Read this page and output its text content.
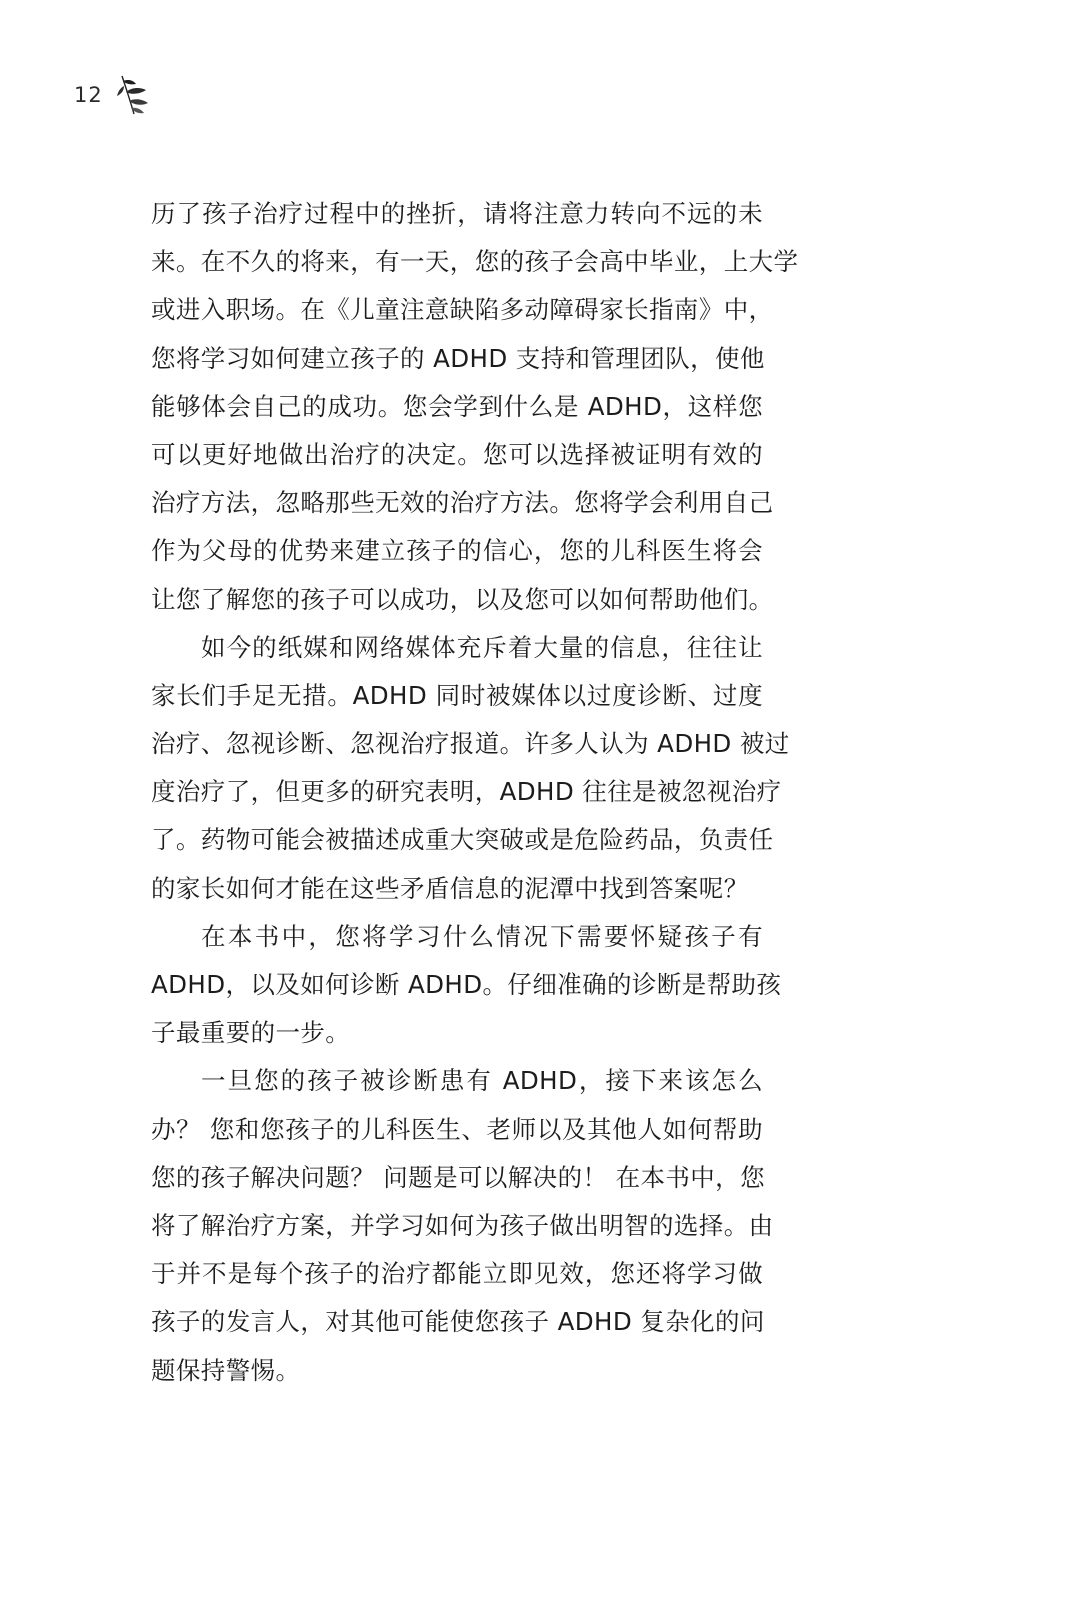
12
历了孩子治疗过程中的挫折，请将注意力转向不远的未
来。在不久的将来，有一天，您的孩子会高中毕业，上大学
或进入职场。在《儿童注意缺陷多动障碍家长指南》中，
您将学习如何建立孩子的 ADHD 支持和管理团队，使他
能够体会自己的成功。您会学到什么是 ADHD，这样您
可以更好地做出治疗的决定。您可以选择被证明有效的
治疗方法，忽略那些无效的治疗方法。您将学会利用自己
作为父母的优势来建立孩子的信心，您的儿科医生将会
让您了解您的孩子可以成功，以及您可以如何帮助他们。
如今的纸媒和网络媒体充斥着大量的信息，往往让
家长们手足无措。ADHD 同时被媒体以过度诊断、过度
治疗、忽视诊断、忽视治疗报道。许多人认为 ADHD 被过
度治疗了，但更多的研究表明，ADHD 往往是被忽视治疗
了。药物可能会被描述成重大突破或是危险药品，负责任
的家长如何才能在这些矛盾信息的泥潭中找到答案呢？
在本书中，您将学习什么情况下需要怀疑孩子有
ADHD，以及如何诊断 ADHD。仔细准确的诊断是帮助孩
子最重要的一步。
一旦您的孩子被诊断患有 ADHD，接下来该怎么
办？ 您和您孩子的儿科医生、老师以及其他人如何帮助
您的孩子解决问题？ 问题是可以解决的！ 在本书中，您
将了解治疗方案，并学习如何为孩子做出明智的选择。由
于并不是每个孩子的治疗都能立即见效，您还将学习做
孩子的发言人，对其他可能使您孩子 ADHD 复杂化的问
题保持警惕。
